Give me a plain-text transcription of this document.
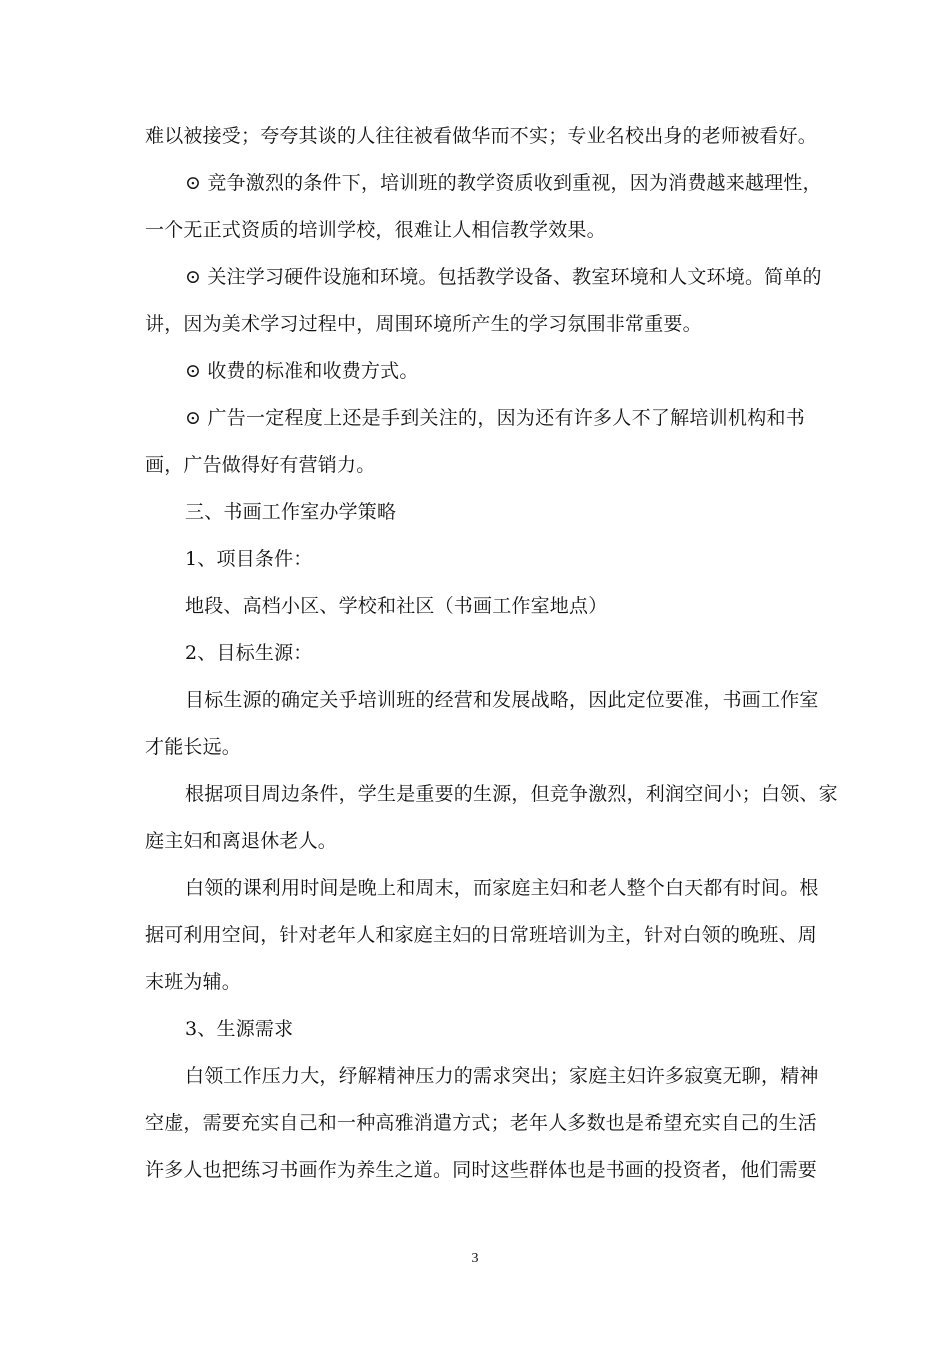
难以被接受；夸夸其谈的人往往被看做华而不实；专业名校出身的老师被看好。
⊙ 竞争激烈的条件下，培训班的教学资质收到重视，因为消费越来越理性，
一个无正式资质的培训学校，很难让人相信教学效果。
⊙ 关注学习硬件设施和环境。包括教学设备、教室环境和人文环境。简单的
讲，因为美术学习过程中，周围环境所产生的学习氛围非常重要。
⊙ 收费的标准和收费方式。
⊙ 广告一定程度上还是手到关注的，因为还有许多人不了解培训机构和书
画，广告做得好有营销力。
三、书画工作室办学策略
1、项目条件：
地段、高档小区、学校和社区（书画工作室地点）
2、目标生源：
目标生源的确定关乎培训班的经营和发展战略，因此定位要准，书画工作室
才能长远。
根据项目周边条件，学生是重要的生源，但竞争激烈，利润空间小；白领、家
庭主妇和离退休老人。
白领的课利用时间是晚上和周末，而家庭主妇和老人整个白天都有时间。根
据可利用空间，针对老年人和家庭主妇的日常班培训为主，针对白领的晚班、周
末班为辅。
3、生源需求
白领工作压力大，纾解精神压力的需求突出；家庭主妇许多寂寞无聊，精神
空虚，需要充实自己和一种高雅消遣方式；老年人多数也是希望充实自己的生活
许多人也把练习书画作为养生之道。同时这些群体也是书画的投资者，他们需要
3
